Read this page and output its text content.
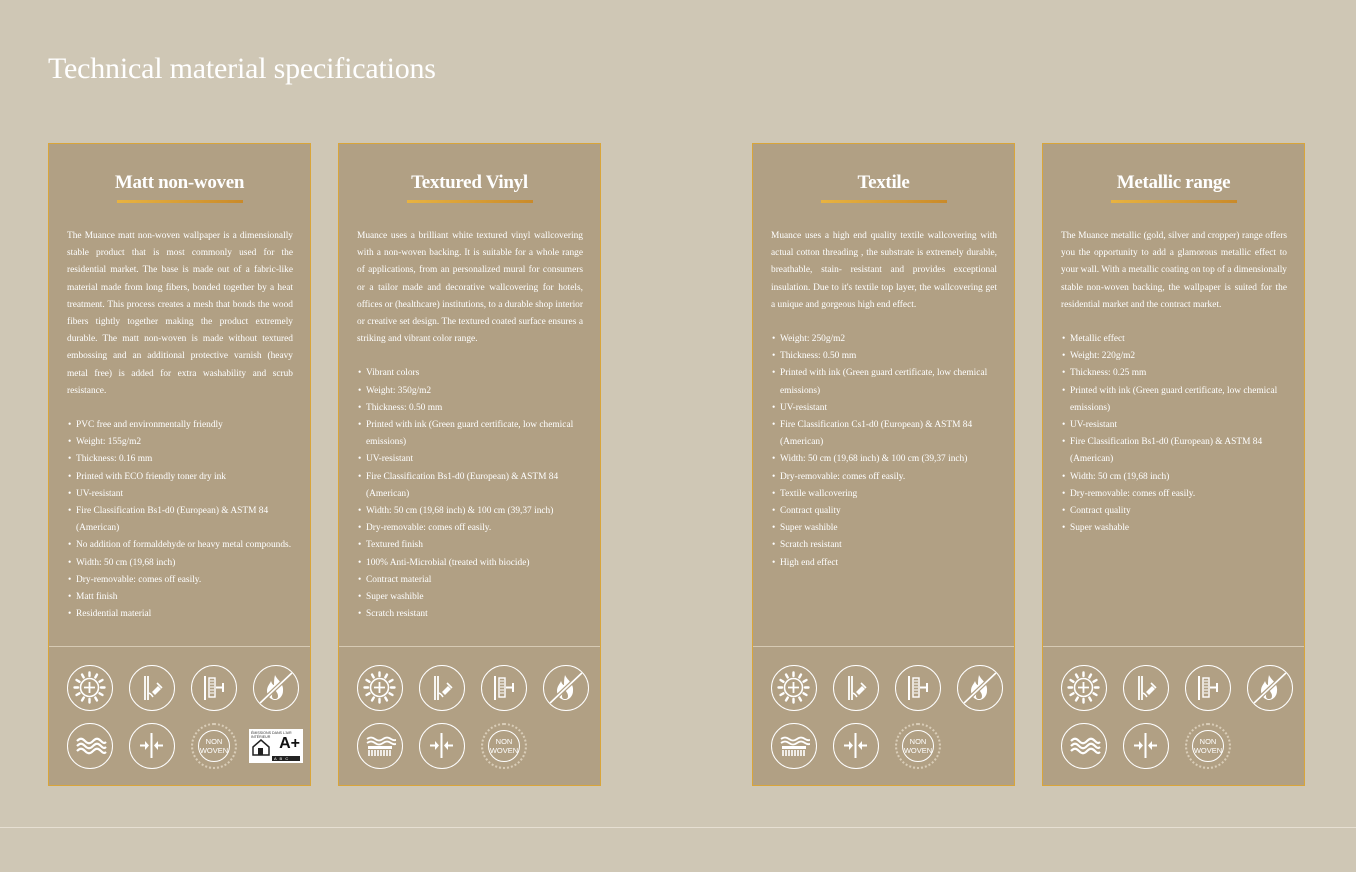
Technical material specifications
Matt non-woven

The Muance matt non-woven wallpaper is a dimensionally stable product that is most commonly used for the residential market. The base is made out of a fabric-like material made from long fibers, bonded together by a heat treatment. This process creates a mesh that bonds the wood fibers tightly together making the product extremely durable. The matt non-woven is made without textured embossing and an additional protective varnish (heavy metal free) is added for extra washability and scrub resistance.

• PVC free and environmentally friendly
• Weight: 155g/m2
• Thickness: 0.16 mm
• Printed with ECO friendly toner dry ink
• UV-resistant
• Fire Classification Bs1-d0 (European) & ASTM 84 (American)
• No addition of formaldehyde or heavy metal compounds.
• Width: 50 cm (19,68 inch)
• Dry-removable: comes off easily.
• Matt finish
• Residential material
NON
WOVEN
ÉMISSIONS DANS L'AIR INTÉRIEUR A+
A B C
Textured Vinyl

Muance uses a brilliant white textured vinyl wallcovering with a non-woven backing. It is suitable for a whole range of applications, from an personalized mural for consumers or a tailor made and decorative wallcovering for hotels, offices or (healthcare) institutions, to a durable shop interior or creative set design. The textured coated surface ensures a striking and vibrant color range.

• Vibrant colors
• Weight: 350g/m2
• Thickness: 0.50 mm
• Printed with ink (Green guard certificate, low chemical emissions)
• UV-resistant
• Fire Classification Bs1-d0 (European) & ASTM 84 (American)
• Width: 50 cm (19,68 inch) & 100 cm (39,37 inch)
• Dry-removable: comes off easily.
• Textured finish
• 100% Anti-Microbial (treated with biocide)
• Contract material
• Super washible
• Scratch resistant
NON
WOVEN
Textile

Muance uses a high end quality textile wallcovering with actual cotton threading , the substrate is extremely durable, breathable, stain- resistant and provides exceptional insulation. Due to it's textile top layer, the wallcovering get a unique and gorgeous high end effect.

• Weight: 250g/m2
• Thickness: 0.50 mm
• Printed with ink (Green guard certificate, low chemical emissions)
• UV-resistant
• Fire Classification Cs1-d0 (European) & ASTM 84 (American)
• Width: 50 cm (19,68 inch) & 100 cm (39,37 inch)
• Dry-removable: comes off easily.
• Textile wallcovering
• Contract quality
• Super washible
• Scratch resistant
• High end effect
NON
WOVEN
Metallic range

The Muance metallic (gold, silver and cropper) range offers you the opportunity to add a glamorous metallic effect to your wall. With a metallic coating on top of a dimensionally stable non-woven backing, the wallpaper is suited for the residential market and the contract market.

• Metallic effect
• Weight: 220g/m2
• Thickness: 0.25 mm
• Printed with ink (Green guard certificate, low chemical emissions)
• UV-resistant
• Fire Classification Bs1-d0 (European) & ASTM 84 (American)
• Width: 50 cm (19,68 inch)
• Dry-removable: comes off easily.
• Contract quality
• Super washable
NON
WOVEN
